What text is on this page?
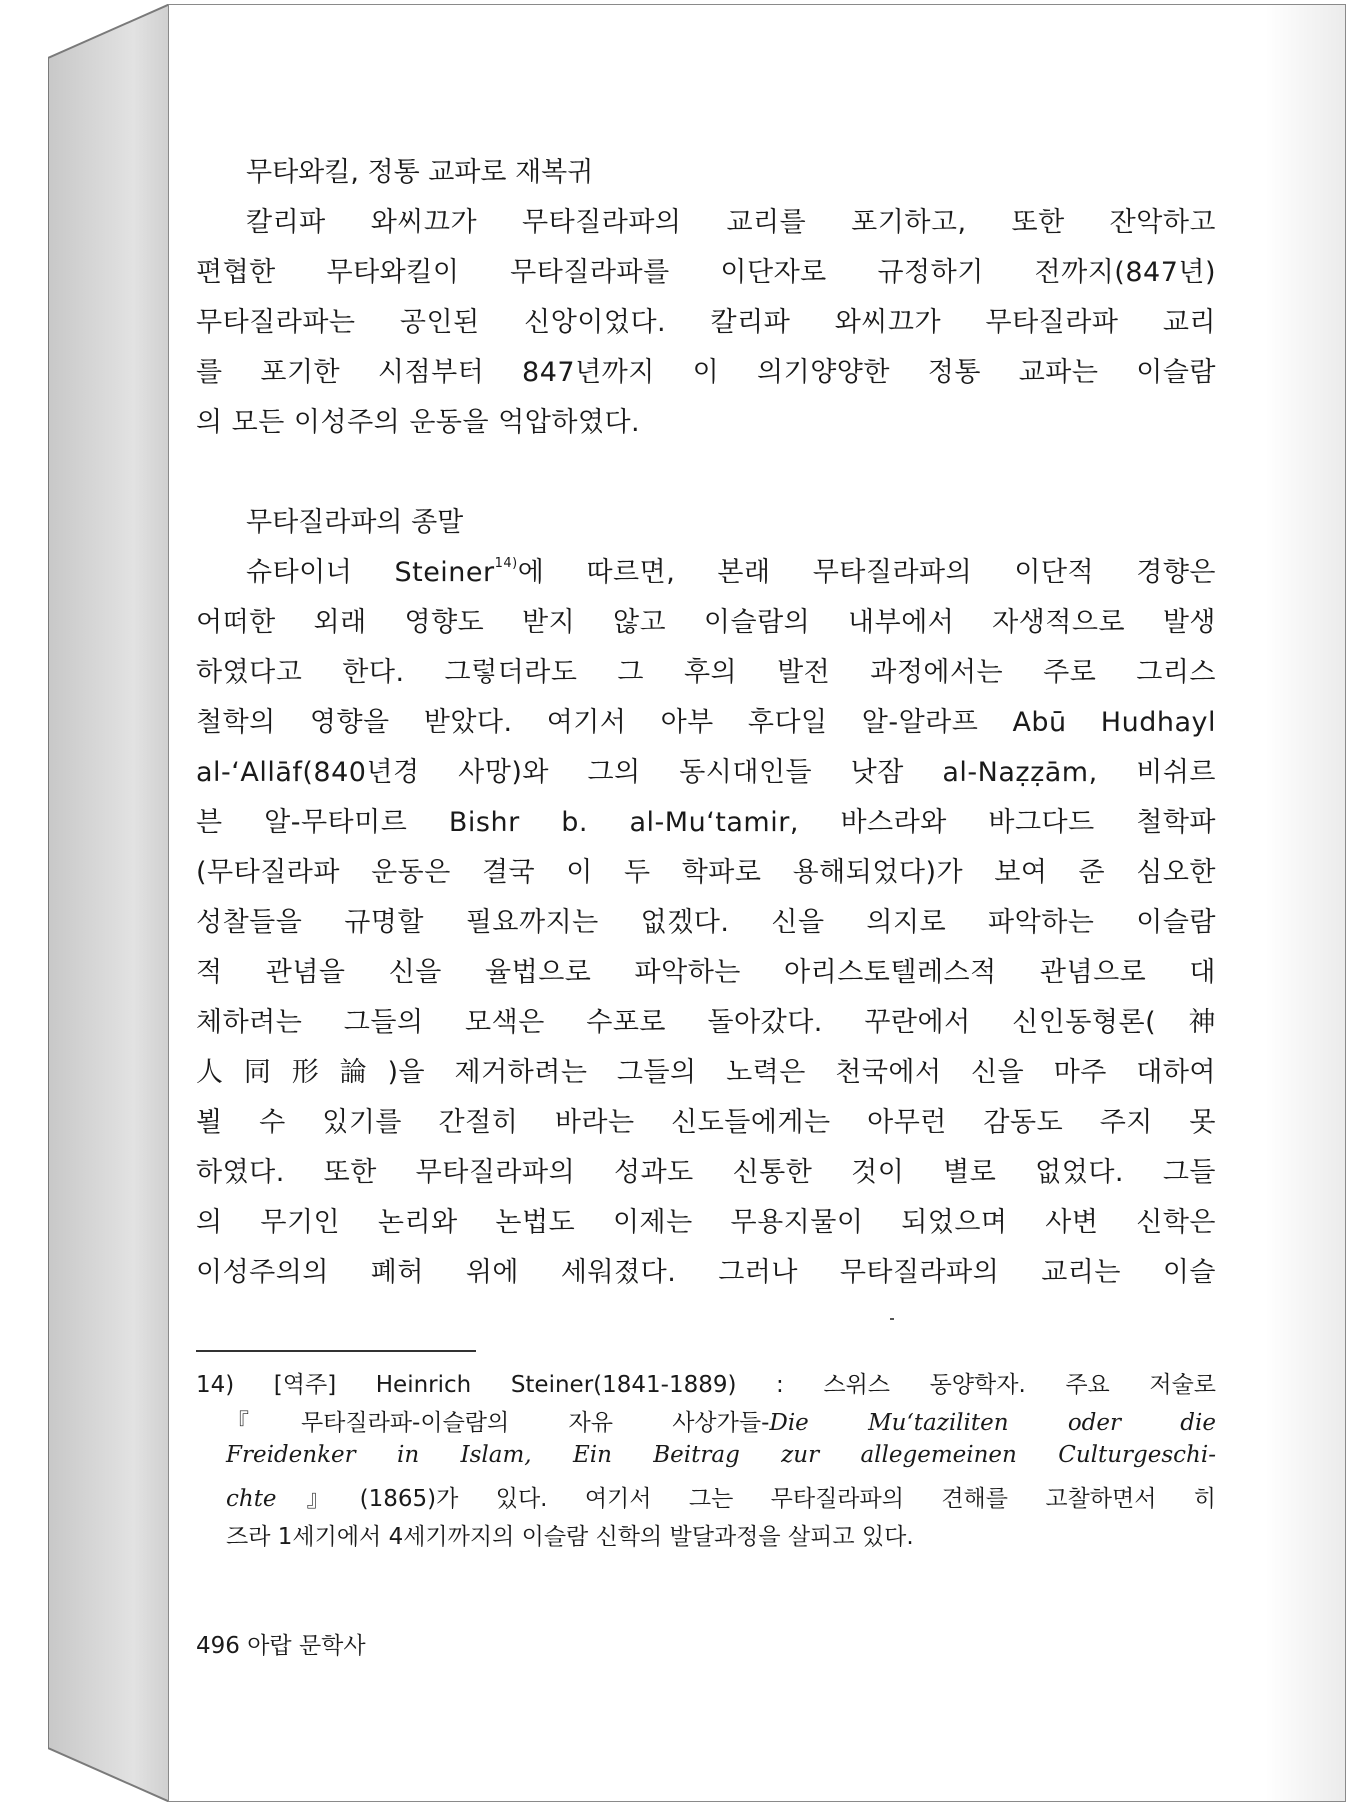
무타와킬, 정통 교파로 재복귀
칼리파 와씨끄가 무타질라파의 교리를 포기하고, 또한 잔악하고
편협한 무타와킬이 무타질라파를 이단자로 규정하기 전까지(847년)
무타질라파는 공인된 신앙이었다. 칼리파 와씨끄가 무타질라파 교리
를 포기한 시점부터 847년까지 이 의기양양한 정통 교파는 이슬람
의 모든 이성주의 운동을 억압하였다.
무타질라파의 종말
슈타이너 Steiner$^{14)}$에 따르면, 본래 무타질라파의 이단적 경향은
어떠한 외래 영향도 받지 않고 이슬람의 내부에서 자생적으로 발생
하였다고 한다. 그렇더라도 그 후의 발전 과정에서는 주로 그리스
철학의 영향을 받았다. 여기서 아부 후다일 알-알라프 Abū Hudhayl
al-‘Allāf(840년경 사망)와 그의 동시대인들 낫잠 al-Naẓẓām, 비쉬르
븐 알-무타미르 Bishr b. al-Mu‘tamir, 바스라와 바그다드 철학파
(무타질라파 운동은 결국 이 두 학파로 용해되었다)가 보여 준 심오한
성찰들을 규명할 필요까지는 없겠다. 신을 의지로 파악하는 이슬람
적 관념을 신을 율법으로 파악하는 아리스토텔레스적 관념으로 대
체하려는 그들의 모색은 수포로 돌아갔다. 꾸란에서 신인동형론(神
人同形論)을 제거하려는 그들의 노력은 천국에서 신을 마주 대하여
뵐 수 있기를 간절히 바라는 신도들에게는 아무런 감동도 주지 못
하였다. 또한 무타질라파의 성과도 신통한 것이 별로 없었다. 그들
의 무기인 논리와 논법도 이제는 무용지물이 되었으며 사변 신학은
이성주의의 폐허 위에 세워졌다. 그러나 무타질라파의 교리는 이슬
14) [역주] Heinrich Steiner(1841-1889) : 스위스 동양학자. 주요 저술로
『무타질라파-이슬람의 자유 사상가들-Die Mu‘taziliten oder die
Freidenker in Islam, Ein Beitrag zur allegemeinen Culturgeschi-
chte』(1865)가 있다. 여기서 그는 무타질라파의 견해를 고찰하면서 히
즈라 1세기에서 4세기까지의 이슬람 신학의 발달과정을 살피고 있다.
496 아랍 문학사
